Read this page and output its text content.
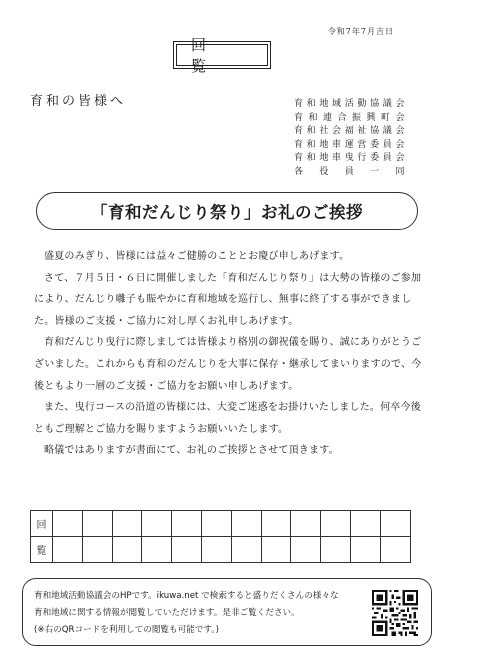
令和7年7月吉日
回　覧
育和の皆様へ	育和地域活動協議会
育和連合振興町会
育和社会福祉協議会
育和地車運営委員会
育和地車曳行委員会
各役員一同
「育和だんじり祭り」お礼のご挨拶

盛夏のみぎり、皆様には益々ご健勝のこととお慶び申しあげます。

さて、７月５日・６日に開催しました「育和だんじり祭り」は大勢の皆様のご参加により、だんじり囃子も賑やかに育和地域を巡行し、無事に終了する事ができました。皆様のご支援・ご協力に対し厚くお礼申しあげます。

育和だんじり曳行に際しましては皆様より格別の御祝儀を賜り、誠にありがとうございました。これからも育和のだんじりを大事に保存・継承してまいりますので、今後ともより一層のご支援・ご協力をお願い申しあげます。

また、曳行コースの沿道の皆様には、大変ご迷惑をお掛けいたしました。何卒今後ともご理解とご協力を賜りますようお願いいたします。

略儀ではありますが書面にて、お礼のご挨拶とさせて頂きます。

回												
覧												
育和地域活動協議会のHPです。ikuwa.net で検索すると盛りだくさんの様々な
育和地域に関する情報が閲覧していただけます。是非ご覧ください。
(※右のQRコードを利用しての閲覧も可能です。)
